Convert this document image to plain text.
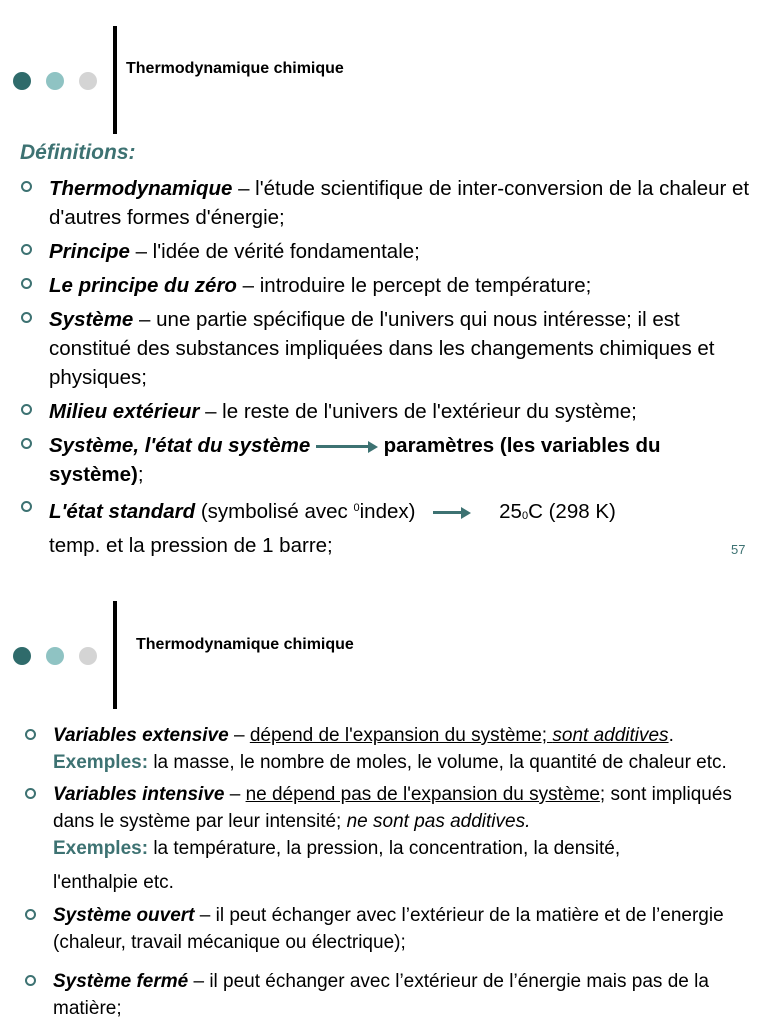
Thermodynamique chimique
Définitions:
Thermodynamique – l'étude scientifique de inter-conversion de la chaleur et d'autres formes d'énergie;
Principe – l'idée de vérité fondamentale;
Le principe du zéro – introduire le percept de température;
Système – une partie spécifique de l'univers qui nous intéresse; il est constitué des substances impliquées dans les changements chimiques et physiques;
Milieu extérieur – le reste de l'univers de l'extérieur du système;
Système, l'état du système	paramètres (les variables du système);
L'état standard (symbolisé avec $^0$index)	$25_0C$ (298 K)
temp. et la pression de 1 barre;	57
Thermodynamique chimique
Variables extensive – dépend de l'expansion du système; sont additives. Exemples: la masse, le nombre de moles, le volume, la quantité de chaleur etc.
Variables intensive – ne dépend pas de l'expansion du système; sont impliqués dans le système par leur intensité; ne sont pas additives.
Exemples: la température, la pression, la concentration, la densité,
l'enthalpie etc.
Système ouvert – il peut échanger avec l’extérieur de la matière et de l’energie (chaleur, travail mécanique ou électrique);
Système fermé – il peut échanger avec l’extérieur de l’énergie mais pas de la matière;
